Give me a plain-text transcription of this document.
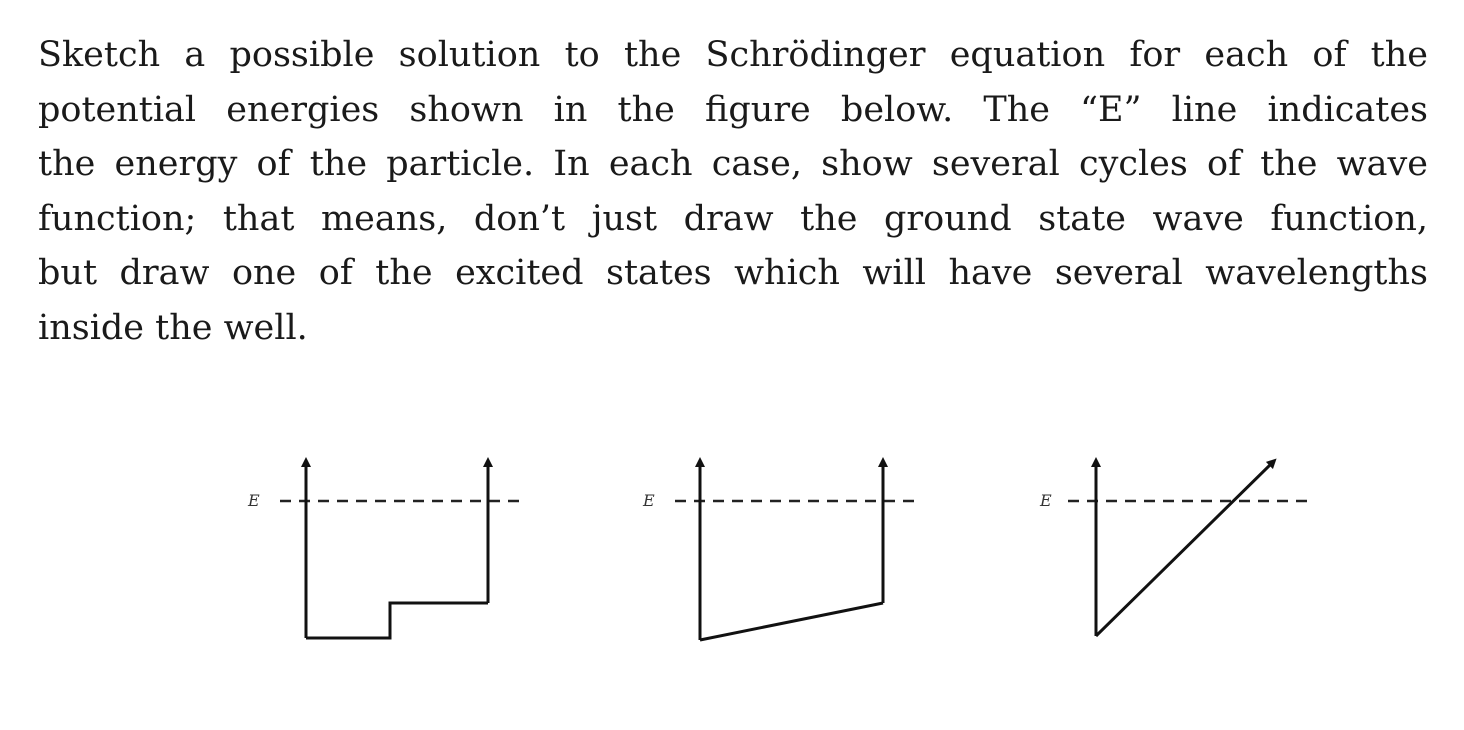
Sketch a possible solution to the Schrödinger equation for each of the
potential energies shown in the figure below. The “E” line indicates
the energy of the particle. In each case, show several cycles of the wave
function; that means, don’t just draw the ground state wave function,
but draw one of the excited states which will have several wavelengths
inside the well.
E	E	E
